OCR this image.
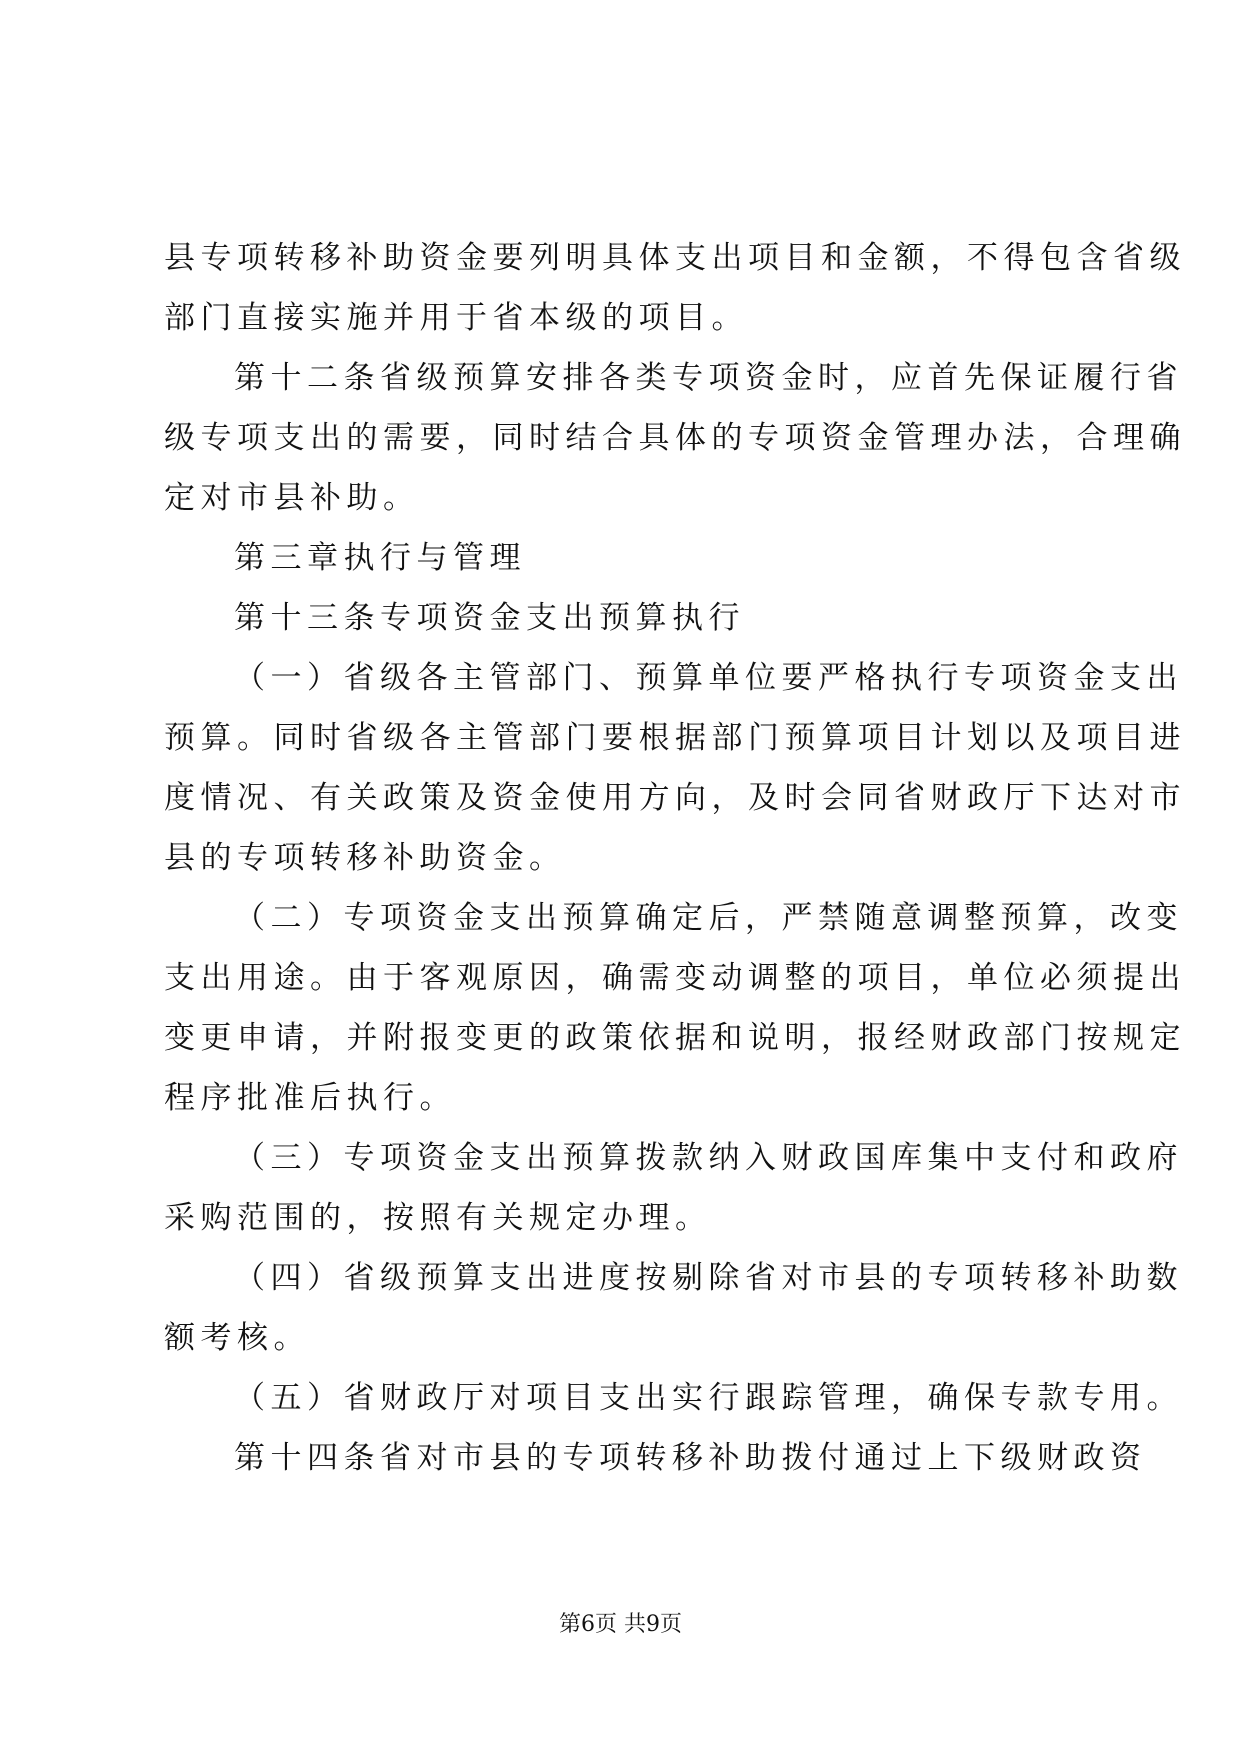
县专项转移补助资金要列明具体支出项目和金额，不得包含省级
部门直接实施并用于省本级的项目。
第十二条省级预算安排各类专项资金时，应首先保证履行省
级专项支出的需要，同时结合具体的专项资金管理办法，合理确
定对市县补助。
第三章执行与管理
第十三条专项资金支出预算执行
（一）省级各主管部门、预算单位要严格执行专项资金支出
预算。同时省级各主管部门要根据部门预算项目计划以及项目进
度情况、有关政策及资金使用方向，及时会同省财政厅下达对市
县的专项转移补助资金。
（二）专项资金支出预算确定后，严禁随意调整预算，改变
支出用途。由于客观原因，确需变动调整的项目，单位必须提出
变更申请，并附报变更的政策依据和说明，报经财政部门按规定
程序批准后执行。
（三）专项资金支出预算拨款纳入财政国库集中支付和政府
采购范围的，按照有关规定办理。
（四）省级预算支出进度按剔除省对市县的专项转移补助数
额考核。
（五）省财政厅对项目支出实行跟踪管理，确保专款专用。
第十四条省对市县的专项转移补助拨付通过上下级财政资
第6页 共9页
